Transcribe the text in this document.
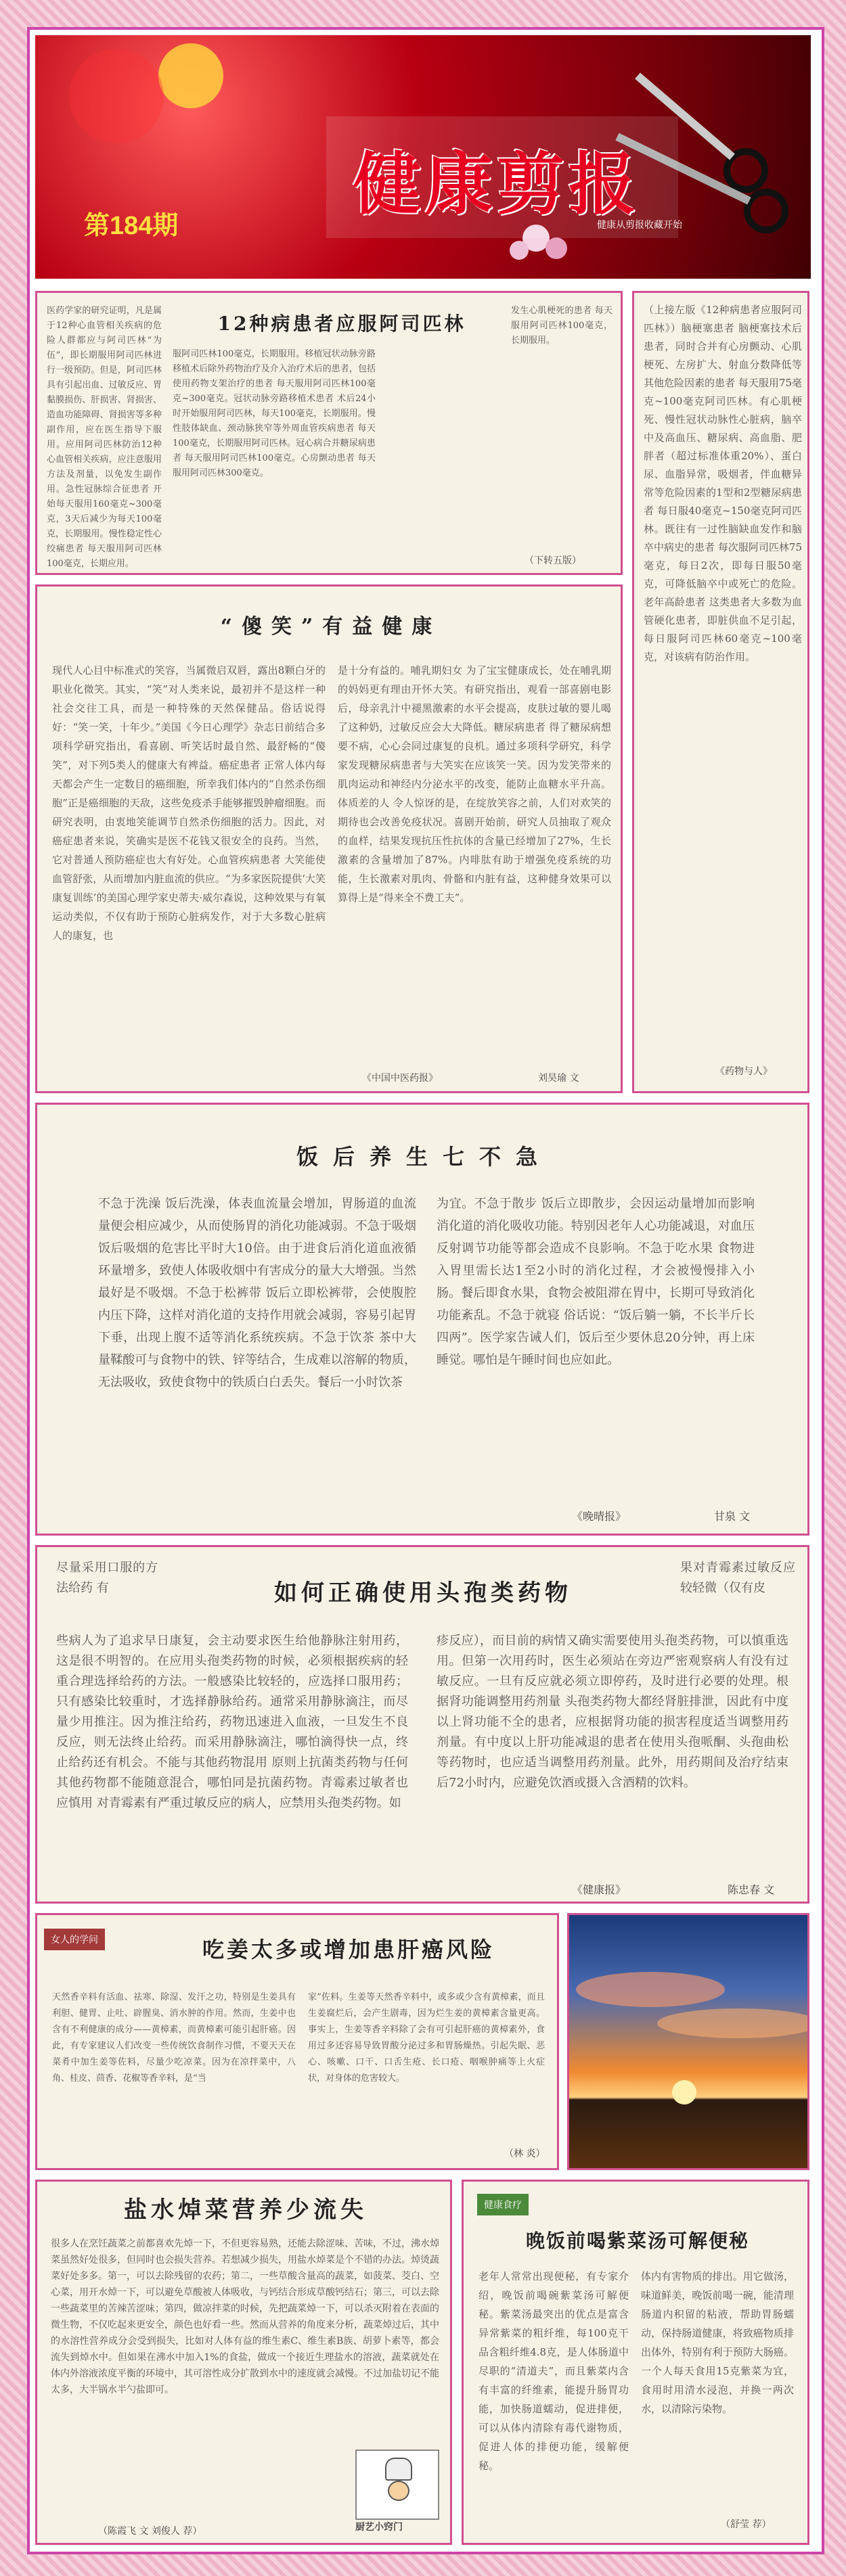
第184期
健康剪报
健康从剪报收藏开始
12种病患者应服阿司匹林
医药学家的研究证明，凡是属于12种心血管相关疾病的危险人群都应与阿司匹林“为伍”，即长期服用阿司匹林进行一级预防。但是，阿司匹林具有引起出血、过敏反应、胃黏膜损伤、肝损害、肾损害、造血功能障碍、肾损害等多种副作用，应在医生指导下服用。应用阿司匹林防治12种心血管相关疾病，应注意服用方法及剂量，以免发生副作用。急性冠脉综合征患者 开始每天服用160毫克~300毫克，3天后减少为每天100毫克，长期服用。慢性稳定性心绞痛患者 每天服用阿司匹林100毫克，长期应用。
服阿司匹林100毫克，长期服用。移植冠状动脉旁路移植术后除外药物治疗及介入治疗术后的患者，包括使用药物支架治疗的患者 每天服用阿司匹林100毫克~300毫克。冠状动脉旁路移植术患者 术后24小时开始服用阿司匹林，每天100毫克，长期服用。慢性肢体缺血、颈动脉狭窄等外周血管疾病患者 每天100毫克，长期服用阿司匹林。冠心病合并糖尿病患者 每天服用阿司匹林100毫克。心房颤动患者 每天服用阿司匹林300毫克。
发生心肌梗死的患者 每天服用阿司匹林100毫克，长期服用。
（下转五版）
（上接左版《12种病患者应服阿司匹林》）脑梗塞患者 脑梗塞技术后患者，同时合并有心房颤动、心肌梗死、左房扩大、射血分数降低等其他危险因素的患者 每天服用75毫克~100毫克阿司匹林。有心肌梗死、慢性冠状动脉性心脏病，脑卒中及高血压、糖尿病、高血脂、肥胖者（超过标准体重20%）、蛋白尿、血脂异常，吸烟者，伴血糖异常等危险因素的1型和2型糖尿病患者 每日服40毫克~150毫克阿司匹林。既往有一过性脑缺血发作和脑卒中病史的患者 每次服阿司匹林75毫克，每日2次，即每日服50毫克，可降低脑卒中或死亡的危险。老年高龄患者 这类患者大多数为血管硬化患者，即脏供血不足引起，每日服阿司匹林60毫克~100毫克，对该病有防治作用。
《药物与人》
“傻笑”有益健康
现代人心目中标准式的笑容，当属微启双唇，露出8颗白牙的职业化微笑。其实，“笑”对人类来说，最初并不是这样一种社会交往工具，而是一种特殊的天然保健品。俗话说得好：“笑一笑，十年少。”美国《今日心理学》杂志日前结合多项科学研究指出，看喜剧、听笑话时最自然、最舒畅的“傻笑”，对下列5类人的健康大有裨益。癌症患者 正常人体内每天都会产生一定数目的癌细胞，所幸我们体内的“自然杀伤细胞”正是癌细胞的天敌，这些免疫杀手能够摧毁肿瘤细胞。而研究表明，由衷地笑能调节自然杀伤细胞的活力。因此，对癌症患者来说，笑确实是医不花钱又很安全的良药。当然，它对普通人预防癌症也大有好处。心血管疾病患者 大笑能使血管舒张，从而增加内脏血流的供应。“为多家医院提供‘大笑康复训练’的美国心理学家史蒂夫·威尔森说，这种效果与有氧运动类似，不仅有助于预防心脏病发作，对于大多数心脏病人的康复，也
是十分有益的。哺乳期妇女 为了宝宝健康成长，处在哺乳期的妈妈更有理由开怀大笑。有研究指出，观看一部喜剧电影后，母亲乳汁中褪黑激素的水平会提高，皮肤过敏的婴儿喝了这种奶，过敏反应会大大降低。糖尿病患者 得了糖尿病想要不病，心心会同过康复的良机。通过多项科学研究，科学家发现糖尿病患者与大笑实在应该笑一笑。因为发笑带来的肌肉运动和神经内分泌水平的改变，能防止血糖水平升高。体质差的人 令人惊讶的是，在绽放笑容之前，人们对欢笑的期待也会改善免疫状况。喜剧开始前，研究人员抽取了观众的血样，结果发现抗压性抗体的含量已经增加了27%，生长激素的含量增加了87%。内啡肽有助于增强免疫系统的功能，生长激素对肌肉、骨骼和内脏有益，这种健身效果可以算得上是“得来全不费工夫”。
《中国中医药报》	刘昊瑜 文
饭后养生七不急
不急于洗澡 饭后洗澡，体表血流量会增加，胃肠道的血流量便会相应减少，从而使肠胃的消化功能减弱。不急于吸烟 饭后吸烟的危害比平时大10倍。由于进食后消化道血液循环量增多，致使人体吸收烟中有害成分的量大大增强。当然最好是不吸烟。不急于松裤带 饭后立即松裤带，会使腹腔内压下降，这样对消化道的支持作用就会减弱，容易引起胃下垂，出现上腹不适等消化系统疾病。不急于饮茶 茶中大量鞣酸可与食物中的铁、锌等结合，生成难以溶解的物质，无法吸收，致使食物中的铁质白白丢失。餐后一小时饮茶
为宜。不急于散步 饭后立即散步，会因运动量增加而影响消化道的消化吸收功能。特别因老年人心功能减退，对血压反射调节功能等都会造成不良影响。不急于吃水果 食物进入胃里需长达1至2小时的消化过程，才会被慢慢排入小肠。餐后即食水果，食物会被阻滞在胃中，长期可导致消化功能紊乱。不急于就寝 俗话说：“饭后躺一躺，不长半斤长四两”。医学家告诫人们，饭后至少要休息20分钟，再上床睡觉。哪怕是午睡时间也应如此。
《晚晴报》	甘泉 文
尽量采用口服的方法给药 有	如何正确使用头孢类药物
果对青霉素过敏反应较轻微（仅有皮
些病人为了追求早日康复，会主动要求医生给他静脉注射用药，这是很不明智的。在应用头孢类药物的时候，必须根据疾病的轻重合理选择给药的方法。一般感染比较轻的，应选择口服用药；只有感染比较重时，才选择静脉给药。通常采用静脉滴注，而尽量少用推注。因为推注给药，药物迅速进入血液，一旦发生不良反应，则无法终止给药。而采用静脉滴注，哪怕滴得快一点，终止给药还有机会。不能与其他药物混用 原则上抗菌类药物与任何其他药物都不能随意混合，哪怕同是抗菌药物。青霉素过敏者也应慎用 对青霉素有严重过敏反应的病人，应禁用头孢类药物。如
疹反应），而目前的病情又确实需要使用头孢类药物，可以慎重选用。但第一次用药时，医生必须站在旁边严密观察病人有没有过敏反应。一旦有反应就必须立即停药，及时进行必要的处理。根据肾功能调整用药剂量 头孢类药物大都经肾脏排泄，因此有中度以上肾功能不全的患者，应根据肾功能的损害程度适当调整用药剂量。有中度以上肝功能减退的患者在使用头孢哌酮、头孢曲松等药物时，也应适当调整用药剂量。此外，用药期间及治疗结束后72小时内，应避免饮酒或摄入含酒精的饮料。
《健康报》	陈忠春 文
女人的学问	吃姜太多或增加患肝癌风险
天然香辛料有活血、祛寒、除湿、发汗之功，特别是生姜具有利胆、健胃、止吐、辟腥臭、消水肿的作用。然而，生姜中也含有不利健康的成分——黄樟素，而黄樟素可能引起肝癌。因此，有专家建议人们改变一些传统饮食制作习惯，不要天天在菜肴中加生姜等佐料，尽量少吃凉菜。因为在凉拌菜中，八角、桂皮、茴香、花椒等香辛料，是“当
家”佐料。生姜等天然香辛料中，或多或少含有黄樟素，而且生姜腐烂后，会产生剧毒，因为烂生姜的黄樟素含量更高。事实上，生姜等香辛料除了会有可引起肝癌的黄樟素外，食用过多还容易导致胃酸分泌过多和胃肠燥热。引起失眠、恶心、咳嗽、口干、口舌生疮、长口疮、咽喉肿痛等上火症状，对身体的危害较大。
（林 炎）
盐水焯菜营养少流失
很多人在烹饪蔬菜之前都喜欢先焯一下，不但更容易熟，还能去除涩味、苦味，不过，沸水焯菜虽然好处很多，但同时也会损失营养。若想减少损失，用盐水焯菜是个不错的办法。焯烫蔬菜好处多多。第一，可以去除残留的农药；第二，一些草酸含量高的蔬菜，如菠菜、茭白、空心菜，用开水焯一下，可以避免草酸被人体吸收，与钙结合形成草酸钙结石；第三，可以去除一些蔬菜里的苦辣苦涩味；第四，做凉拌菜的时候，先把蔬菜焯一下，可以杀灭附着在表面的微生物，不仅吃起来更安全，颜色也好看一些。然而从营养的角度来分析，蔬菜焯过后，其中的水溶性营养成分会受到损失，比如对人体有益的维生素C、维生素B族、胡萝卜素等，都会流失到焯水中。但如果在沸水中加入1%的食盐，做成一个接近生理盐水的溶液，蔬菜就处在体内外溶液浓度平衡的环境中，其可溶性成分扩散到水中的速度就会减慢。不过加盐切记不能太多，大半锅水半勺盐即可。
厨艺小窍门
（陈霞飞 文 刘俊人 荐）
健康食疗
晚饭前喝紫菜汤可解便秘
老年人常常出现便秘，有专家介绍，晚饭前喝碗紫菜汤可解便秘。紫菜汤最突出的优点是富含异常紫菜的粗纤维，每100克干品含粗纤维4.8克，是人体肠道中尽职的“清道夫”，而且紫菜内含有丰富的纤维素，能提升肠胃功能，加快肠道蠕动，促进排便，可以从体内清除有毒代谢物质，促进人体的排便功能，缓解便秘。
体内有害物质的排出。用它做汤，味道鲜美，晚饭前喝一碗，能清理肠道内积留的粘液，帮助胃肠蠕动，保持肠道健康，将致癌物质排出体外，特别有利于预防大肠癌。一个人每天食用15克紫菜为宜，食用时用清水浸泡，并换一两次水，以清除污染物。
（舒莹 荐）
